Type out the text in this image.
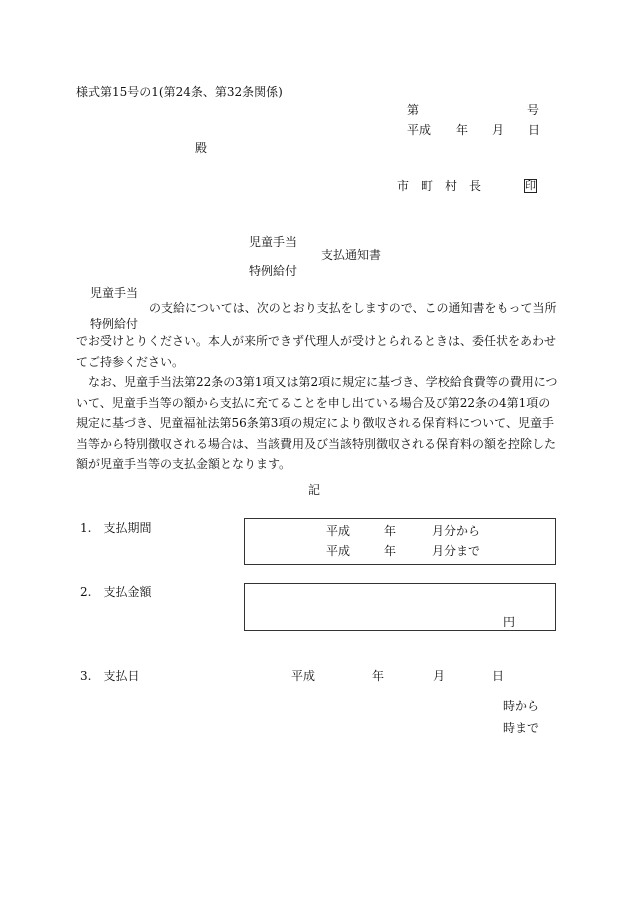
様式第15号の1(第24条、第32条関係)
第	号
平成 年 月 日
殿
市　町　村　長	印
児童手当
支払通知書
特例給付
児童手当
の支給については、次のとおり支払をしますので、この通知書をもって当所
特例給付
でお受けとりください。本人が来所できず代理人が受けとられるときは、委任状をあわせてご持参ください。
なお、児童手当法第22条の3第1項又は第2項に規定に基づき、学校給食費等の費用について、児童手当等の額から支払に充てることを申し出ている場合及び第22条の4第1項の規定に基づき、児童福祉法第56条第3項の規定により徴収される保育料について、児童手当等から特別徴収される場合は、当該費用及び当該特別徴収される保育料の額を控除した額が児童手当等の支払金額となります。
記
1.　支払期間	平成	年	月分から
平成	年	月分まで
2.　支払金額
円
3.　支払日	平成	年	月	日
時から
時まで
